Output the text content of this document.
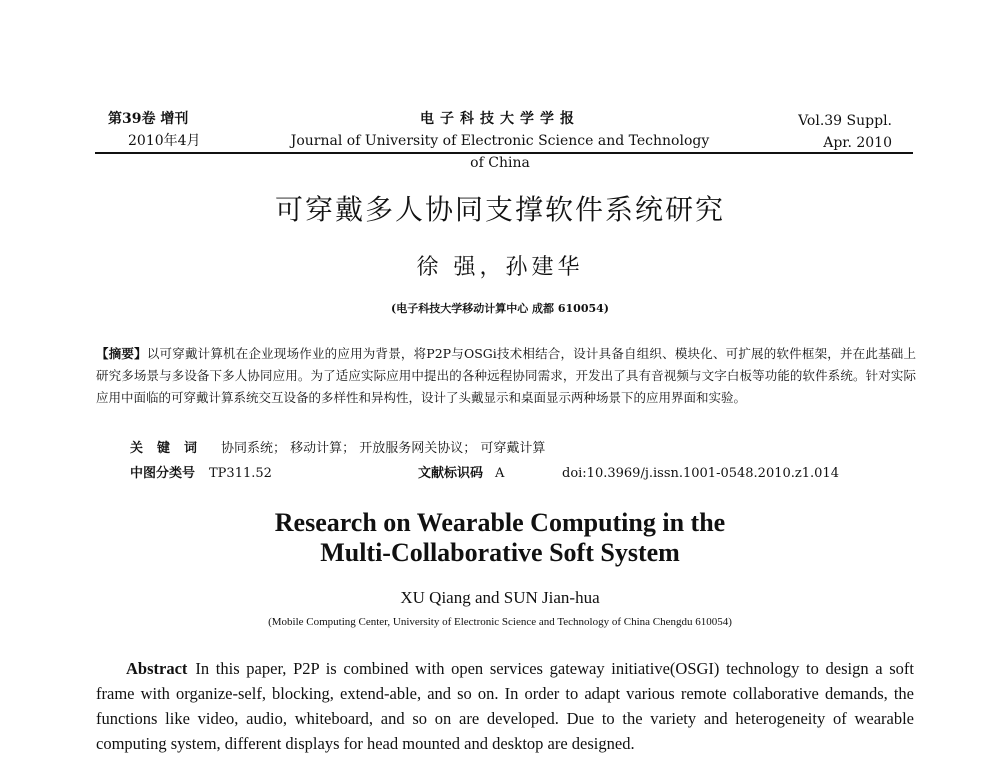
第39卷 增刊
2010年4月
电子科技大学学报
Journal of University of Electronic Science and Technology of China
Vol.39 Suppl.
Apr. 2010
可穿戴多人协同支撑软件系统研究
徐 强，孙建华
(电子科技大学移动计算中心 成都 610054)
【摘要】以可穿戴计算机在企业现场作业的应用为背景，将P2P与OSGi技术相结合，设计具备自组织、模块化、可扩展的软件框架，并在此基础上研究多场景与多设备下多人协同应用。为了适应实际应用中提出的各种远程协同需求，开发出了具有音视频与文字白板等功能的软件系统。针对实际应用中面临的可穿戴计算系统交互设备的多样性和异构性，设计了头戴显示和桌面显示两种场景下的应用界面和实验。
关键词 协同系统； 移动计算； 开放服务网关协议； 可穿戴计算
中图分类号 TP311.52	文献标识码 A	doi:10.3969/j.issn.1001-0548.2010.z1.014
Research on Wearable Computing in the
Multi-Collaborative Soft System
XU Qiang and SUN Jian-hua
(Mobile Computing Center, University of Electronic Science and Technology of China Chengdu 610054)
Abstract In this paper, P2P is combined with open services gateway initiative(OSGI) technology to design a soft frame with organize-self, blocking, extend-able, and so on. In order to adapt various remote collaborative demands, the functions like video, audio, whiteboard, and so on are developed. Due to the variety and heterogeneity of wearable computing system, different displays for head mounted and desktop are designed.
